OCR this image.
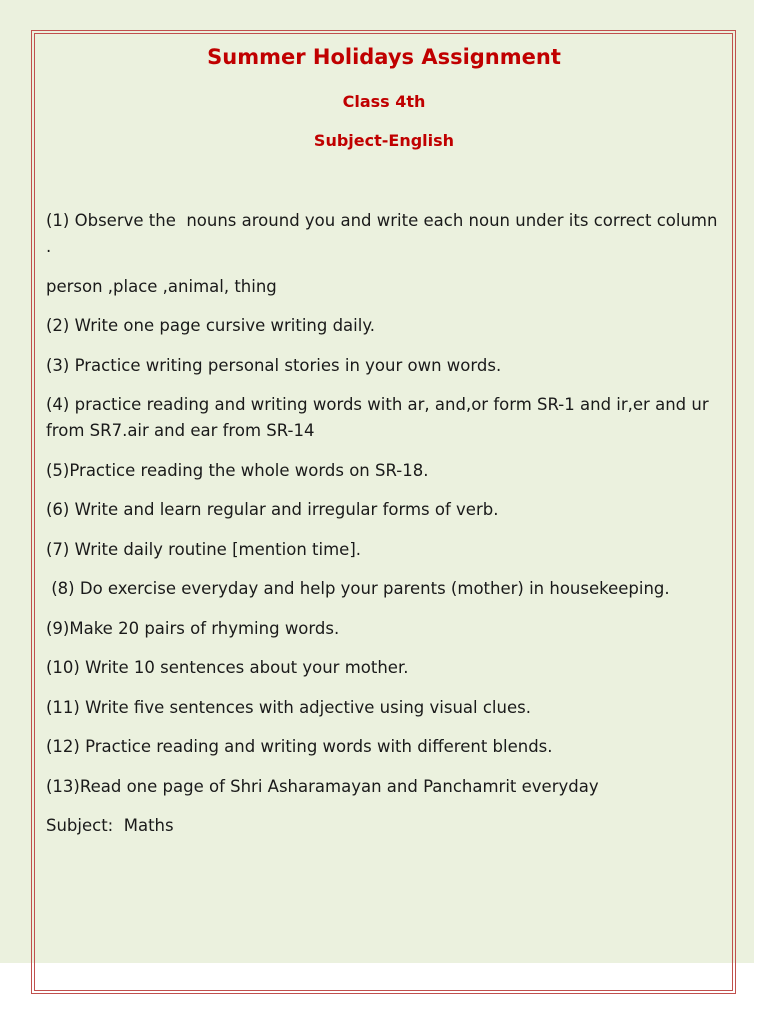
Summer Holidays Assignment
Class 4th
Subject-English

(1) Observe the  nouns around you and write each noun under its correct column .

person ,place ,animal, thing

(2) Write one page cursive writing daily.

(3) Practice writing personal stories in your own words.

(4) practice reading and writing words with ar, and,or form SR-1 and ir,er and ur from SR7.air and ear from SR-14

(5)Practice reading the whole words on SR-18.

(6) Write and learn regular and irregular forms of verb.

(7) Write daily routine [mention time].

(8) Do exercise everyday and help your parents (mother) in housekeeping.

(9)Make 20 pairs of rhyming words.

(10) Write 10 sentences about your mother.

(11) Write five sentences with adjective using visual clues.

(12) Practice reading and writing words with different blends.

(13)Read one page of Shri Asharamayan and Panchamrit everyday

Subject:  Maths
